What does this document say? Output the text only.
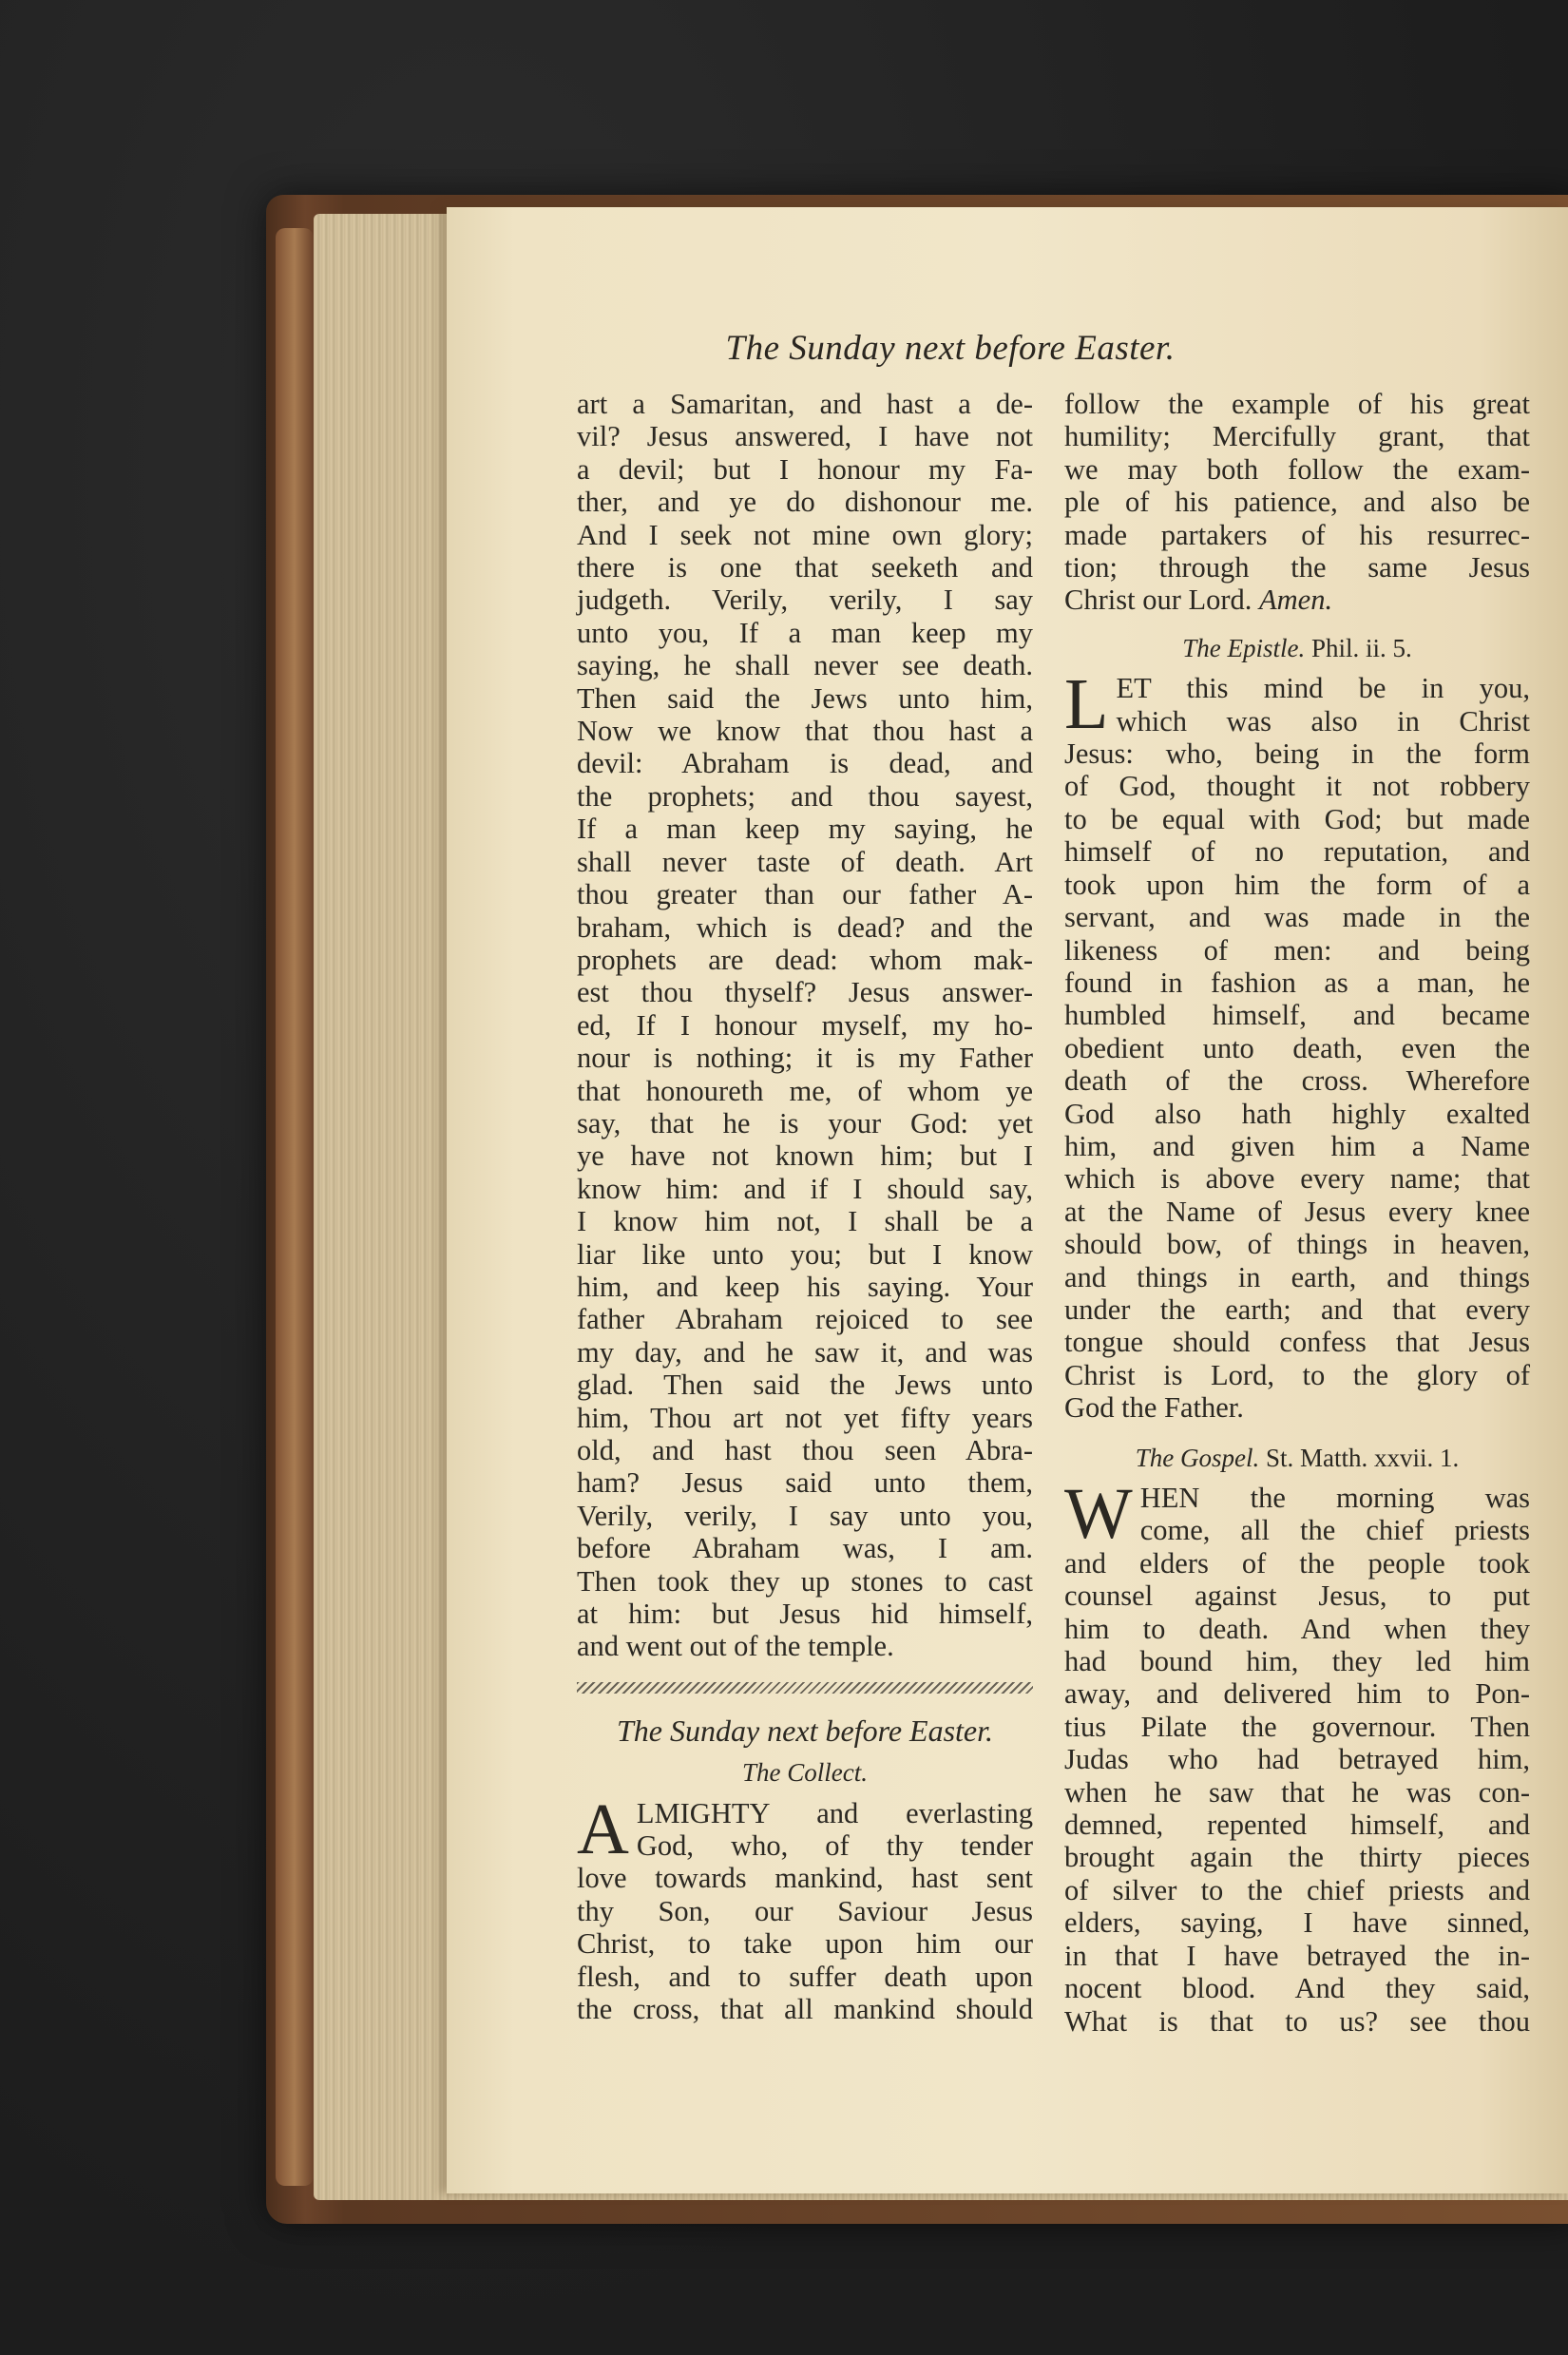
The Sunday next before Easter.

art a Samaritan, and hast a de-

vil? Jesus answered, I have not

a devil; but I honour my Fa-

ther, and ye do dishonour me.

And I seek not mine own glory;

there is one that seeketh and

judgeth. Verily, verily, I say

unto you, If a man keep my

saying, he shall never see death.

Then said the Jews unto him,

Now we know that thou hast a

devil: Abraham is dead, and

the prophets; and thou sayest,

If a man keep my saying, he

shall never taste of death. Art

thou greater than our father A-

braham, which is dead? and the

prophets are dead: whom mak-

est thou thyself? Jesus answer-

ed, If I honour myself, my ho-

nour is nothing; it is my Father

that honoureth me, of whom ye

say, that he is your God: yet

ye have not known him; but I

know him: and if I should say,

I know him not, I shall be a

liar like unto you; but I know

him, and keep his saying. Your

father Abraham rejoiced to see

my day, and he saw it, and was

glad. Then said the Jews unto

him, Thou art not yet fifty years

old, and hast thou seen Abra-

ham? Jesus said unto them,

Verily, verily, I say unto you,

before Abraham was, I am.

Then took they up stones to cast

at him: but Jesus hid himself,

and went out of the temple.

The Sunday next before Easter.
The Collect.
A LMIGHTY and everlasting

God, who, of thy tender

love towards mankind, hast sent

thy Son, our Saviour Jesus

Christ, to take upon him our

flesh, and to suffer death upon

the cross, that all mankind should

follow the example of his great

humility; Mercifully grant, that

we may both follow the exam-

ple of his patience, and also be

made partakers of his resurrec-

tion; through the same Jesus

Christ our Lord. Amen.

The Epistle. Phil. ii. 5.
L ET this mind be in you,

which was also in Christ

Jesus: who, being in the form

of God, thought it not robbery

to be equal with God; but made

himself of no reputation, and

took upon him the form of a

servant, and was made in the

likeness of men: and being

found in fashion as a man, he

humbled himself, and became

obedient unto death, even the

death of the cross. Wherefore

God also hath highly exalted

him, and given him a Name

which is above every name; that

at the Name of Jesus every knee

should bow, of things in heaven,

and things in earth, and things

under the earth; and that every

tongue should confess that Jesus

Christ is Lord, to the glory of

God the Father.

The Gospel. St. Matth. xxvii. 1.
W HEN the morning was

come, all the chief priests

and elders of the people took

counsel against Jesus, to put

him to death. And when they

had bound him, they led him

away, and delivered him to Pon-

tius Pilate the governour. Then

Judas who had betrayed him,

when he saw that he was con-

demned, repented himself, and

brought again the thirty pieces

of silver to the chief priests and

elders, saying, I have sinned,

in that I have betrayed the in-

nocent blood. And they said,

What is that to us? see thou
